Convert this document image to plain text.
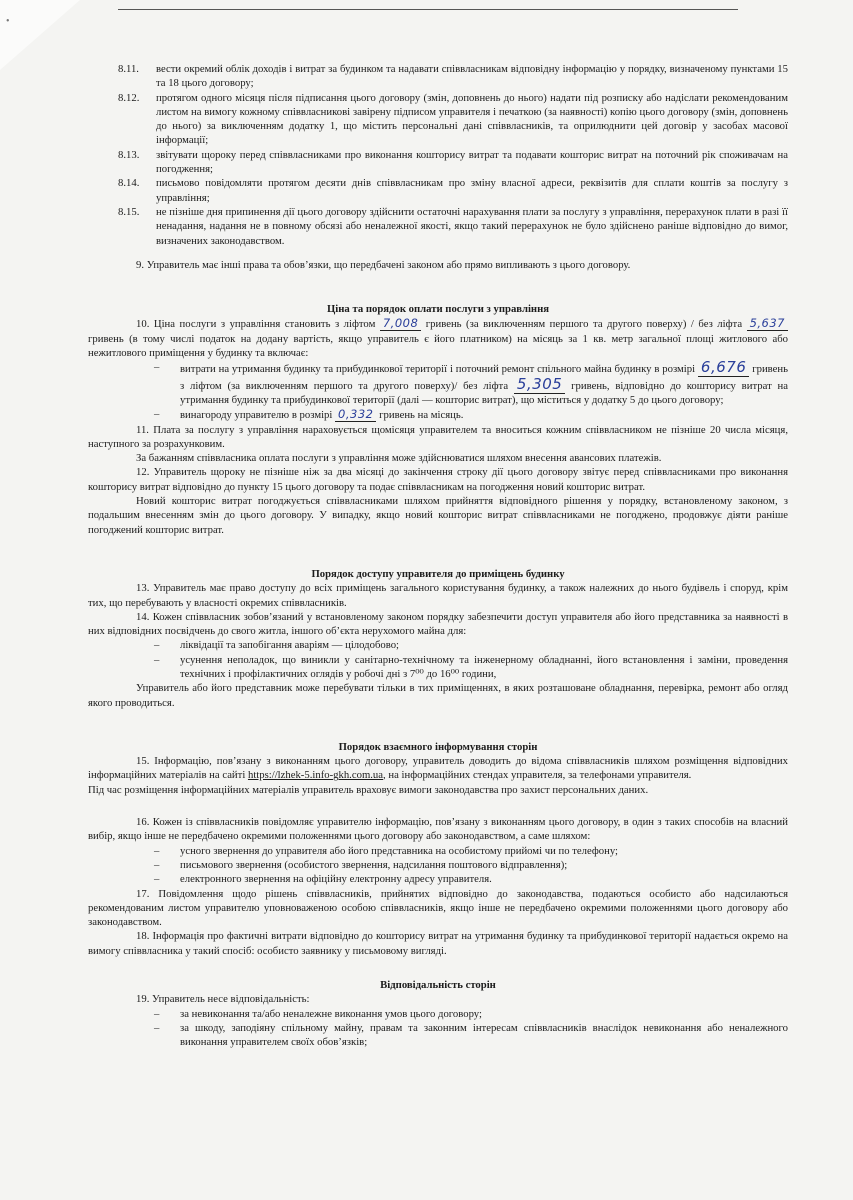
8.11.	вести окремий облік доходів і витрат за будинком та надавати співвласникам відповідну інформацію у порядку, визначеному пунктами 15 та 18 цього договору;
8.12.	протягом одного місяця після підписання цього договору (змін, доповнень до нього) надати під розписку або надіслати рекомендованим листом на вимогу кожному співвласникові завірену підписом управителя і печаткою (за наявності) копію цього договору (змін, доповнень до нього) за виключенням додатку 1, що містить персональні дані співвласників, та оприлюднити цей договір у засобах масової інформації;
8.13.	звітувати щороку перед співвласниками про виконання кошторису витрат та подавати кошторис витрат на поточний рік споживачам на погодження;
8.14.	письмово повідомляти протягом десяти днів співвласникам про зміну власної адреси, реквізитів для сплати коштів за послугу з управління;
8.15.	не пізніше дня припинення дії цього договору здійснити остаточні нарахування плати за послугу з управління, перерахунок плати в разі її ненадання, надання не в повному обсязі або неналежної якості, якщо такий перерахунок не було здійснено раніше відповідно до вимог, визначених законодавством.

9. Управитель має інші права та обов’язки, що передбачені законом або прямо випливають з цього договору.

Ціна та порядок оплати послуги з управління

10. Ціна послуги з управління становить з ліфтом 7,008 гривень (за виключенням першого та другого поверху) / без ліфта 5,637 гривень (в тому числі податок на додану вартість, якщо управитель є його платником) на місяць за 1 кв. метр загальної площі житлового або нежитлового приміщення у будинку та включає:

–	витрати на утримання будинку та прибудинкової території і поточний ремонт спільного майна будинку в розмірі 6,676 гривень з ліфтом (за виключенням першого та другого поверху)/ без ліфта 5,305 гривень, відповідно до кошторису витрат на утримання будинку та прибудинкової території (далі — кошторис витрат), що міститься у додатку 5 до цього договору;
–	винагороду управителю в розмірі 0,332 гривень на місяць.

11. Плата за послугу з управління нараховується щомісяця управителем та вноситься кожним співвласником не пізніше 20 числа місяця, наступного за розрахунковим.

За бажанням співвласника оплата послуги з управління може здійснюватися шляхом внесення авансових платежів.

12. Управитель щороку не пізніше ніж за два місяці до закінчення строку дії цього договору звітує перед співвласниками про виконання кошторису витрат відповідно до пункту 15 цього договору та подає співвласникам на погодження новий кошторис витрат.

Новий кошторис витрат погоджується співвласниками шляхом прийняття відповідного рішення у порядку, встановленому законом, з подальшим внесенням змін до цього договору. У випадку, якщо новий кошторис витрат співвласниками не погоджено, продовжує діяти раніше погоджений кошторис витрат.

Порядок доступу управителя до приміщень будинку

13. Управитель має право доступу до всіх приміщень загального користування будинку, а також належних до нього будівель і споруд, крім тих, що перебувають у власності окремих співвласників.

14. Кожен співвласник зобов’язаний у встановленому законом порядку забезпечити доступ управителя або його представника за наявності в них відповідних посвідчень до свого житла, іншого об’єкта нерухомого майна для:

–	ліквідації та запобігання аваріям — цілодобово;
–	усунення неполадок, що виникли у санітарно-технічному та інженерному обладнанні, його встановлення і заміни, проведення технічних і профілактичних оглядів у робочі дні з 7⁰⁰ до 16⁰⁰ години,

Управитель або його представник може перебувати тільки в тих приміщеннях, в яких розташоване обладнання, перевірка, ремонт або огляд якого проводиться.

Порядок взаємного інформування сторін

15. Інформацію, пов’язану з виконанням цього договору, управитель доводить до відома співвласників шляхом розміщення відповідних інформаційних матеріалів на сайті https://lzhek-5.info-gkh.com.ua, на інформаційних стендах управителя, за телефонами управителя.

Під час розміщення інформаційних матеріалів управитель враховує вимоги законодавства про захист персональних даних.

16. Кожен із співвласників повідомляє управителю інформацію, пов’язану з виконанням цього договору, в один з таких способів на власний вибір, якщо інше не передбачено окремими положеннями цього договору або законодавством, а саме шляхом:

–	усного звернення до управителя або його представника на особистому прийомі чи по телефону;
–	письмового звернення (особистого звернення, надсилання поштового відправлення);
–	електронного звернення на офіційну електронну адресу управителя.

17. Повідомлення щодо рішень співвласників, прийнятих відповідно до законодавства, подаються особисто або надсилаються рекомендованим листом управителю уповноваженою особою співвласників, якщо інше не передбачено окремими положеннями цього договору або законодавством.

18. Інформація про фактичні витрати відповідно до кошторису витрат на утримання будинку та прибудинкової території надається окремо на вимогу співвласника у такий спосіб: особисто заявнику у письмовому вигляді.

Відповідальність сторін

19. Управитель несе відповідальність:

–	за невиконання та/або неналежне виконання умов цього договору;
–	за шкоду, заподіяну спільному майну, правам та законним інтересам співвласників внаслідок невиконання або неналежного виконання управителем своїх обов’язків;
•
